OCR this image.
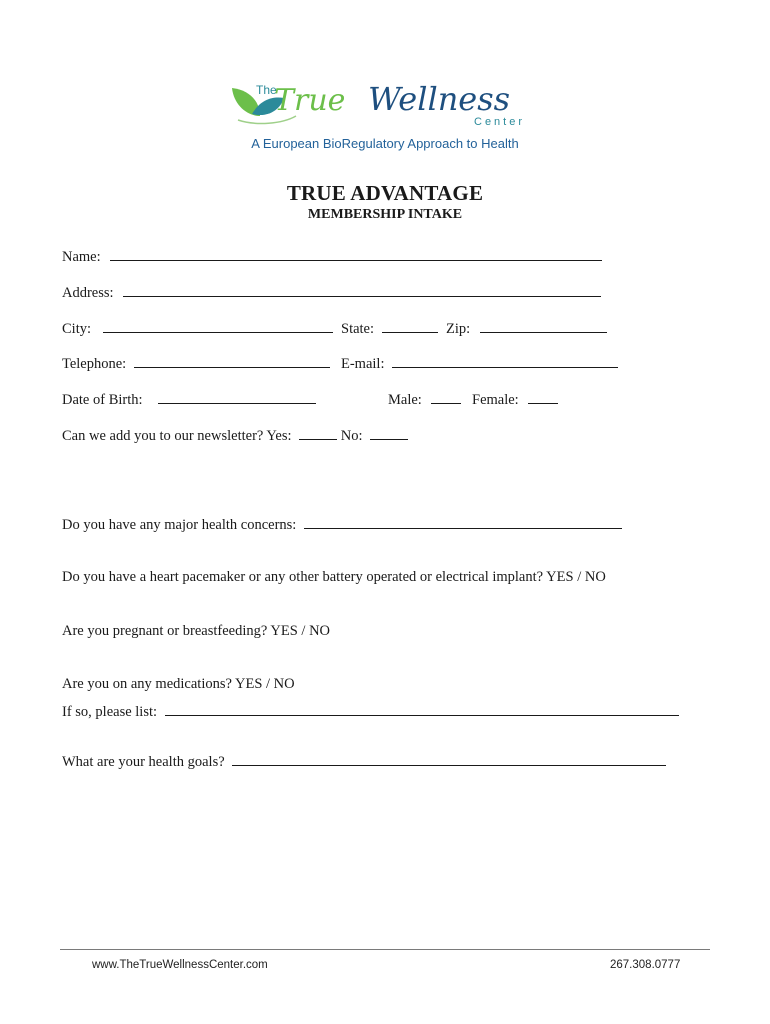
The
True Wellness
Center
A European BioRegulatory Approach to Health
TRUE ADVANTAGE
MEMBERSHIP INTAKE
Name:
Address:
City:	State:	Zip:
Telephone:	E-mail:
Date of Birth:	Male:	Female:
Can we add you to our newsletter? Yes:	No:
Do you have any major health concerns:
Do you have a heart pacemaker or any other battery operated or electrical implant? YES / NO
Are you pregnant or breastfeeding? YES / NO
Are you on any medications? YES / NO
If so, please list:
What are your health goals?
www.TheTrueWellnessCenter.com	267.308.0777
